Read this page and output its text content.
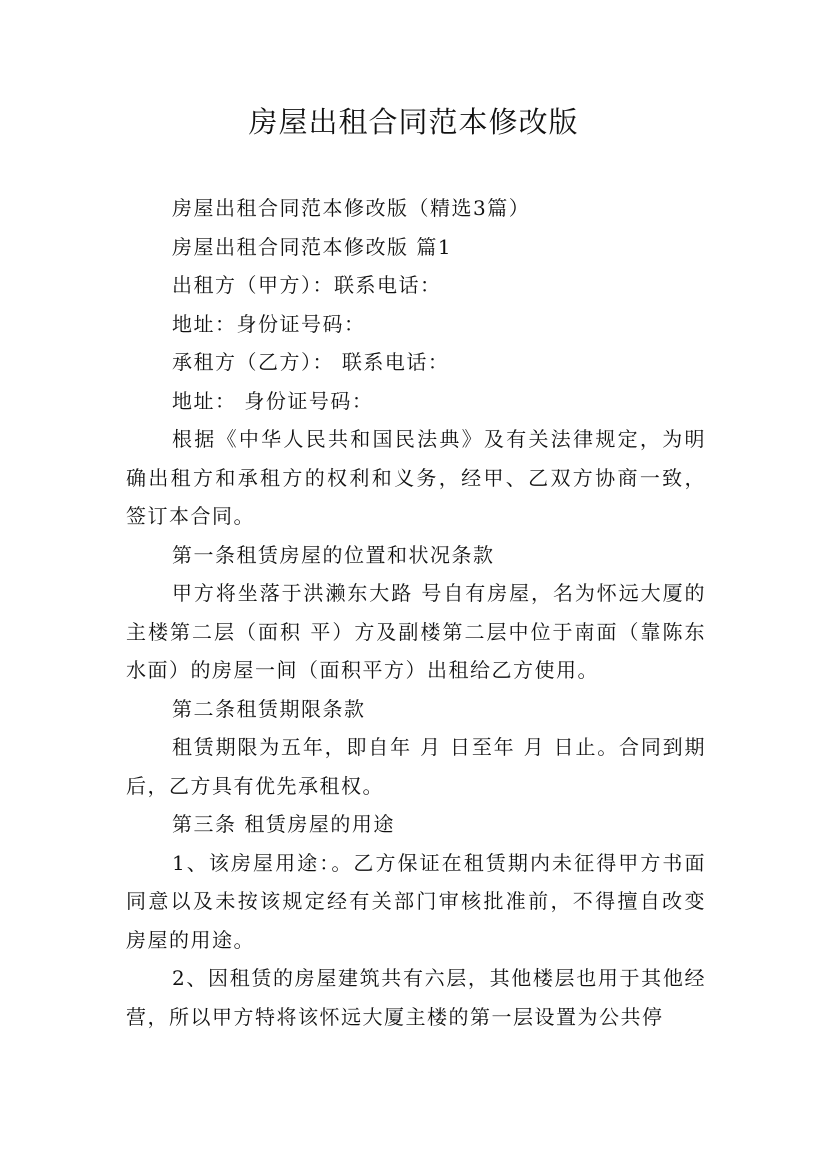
房屋出租合同范本修改版

房屋出租合同范本修改版（精选3篇）

房屋出租合同范本修改版 篇1

出租方（甲方）：联系电话：

地址：身份证号码：

承租方（乙方）： 联系电话：

地址： 身份证号码：

根据《中华人民共和国民法典》及有关法律规定，为明确出租方和承租方的权利和义务，经甲、乙双方协商一致，签订本合同。

第一条租赁房屋的位置和状况条款

甲方将坐落于洪濑东大路 号自有房屋，名为怀远大厦的主楼第二层（面积 平）方及副楼第二层中位于南面（靠陈东水面）的房屋一间（面积平方）出租给乙方使用。

第二条租赁期限条款

租赁期限为五年，即自年 月 日至年 月 日止。合同到期后，乙方具有优先承租权。

第三条 租赁房屋的用途

1、该房屋用途：。乙方保证在租赁期内未征得甲方书面同意以及未按该规定经有关部门审核批准前，不得擅自改变房屋的用途。

2、因租赁的房屋建筑共有六层，其他楼层也用于其他经营，所以甲方特将该怀远大厦主楼的第一层设置为公共停
